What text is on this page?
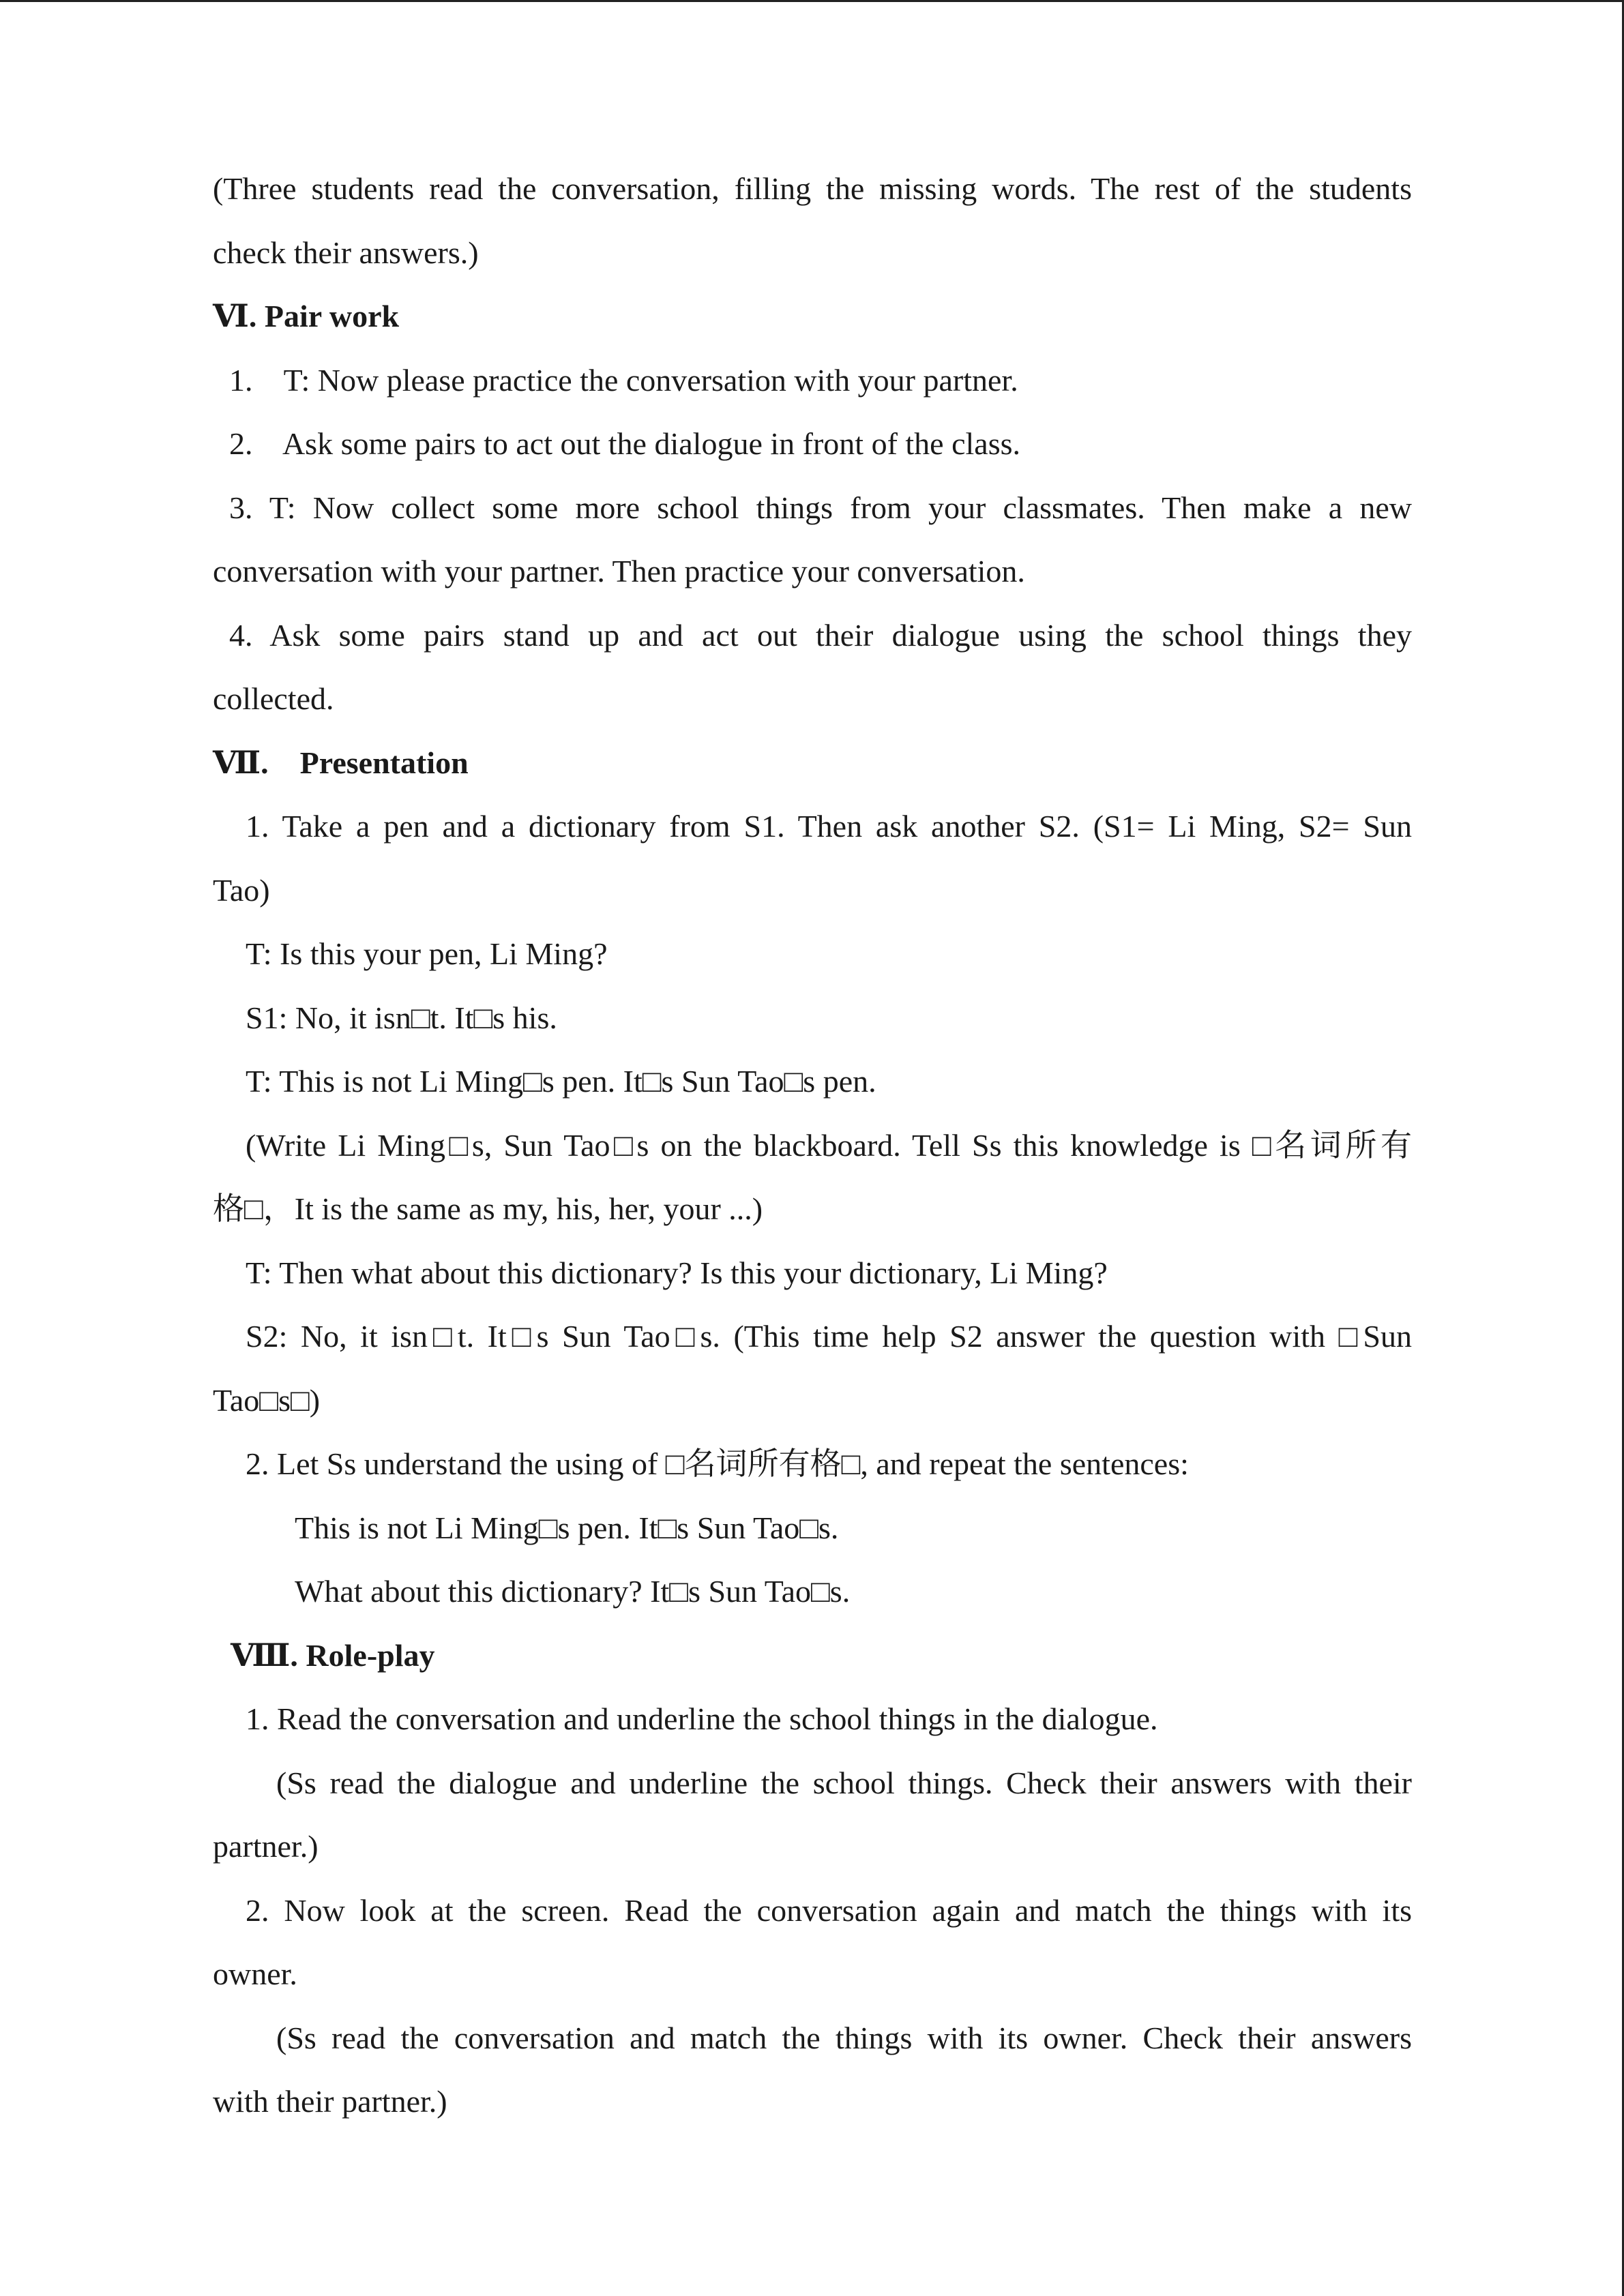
(Three students read the conversation, filling the missing words. The rest of the students
check their answers.)
Ⅵ. Pair work
1.    T: Now please practice the conversation with your partner.
2.    Ask some pairs to act out the dialogue in front of the class.
3. T: Now collect some more school things from your classmates. Then make a new
conversation with your partner. Then practice your conversation.
4. Ask some pairs stand up and act out their dialogue using the school things they
collected.
Ⅶ.    Presentation
1. Take a pen and a dictionary from S1. Then ask another S2. (S1= Li Ming, S2= Sun
Tao)
T: Is this your pen, Li Ming?
S1: No, it isn□t. It□s his.
T: This is not Li Ming□s pen. It□s Sun Tao□s pen.
(Write Li Ming□s, Sun Tao□s on the blackboard. Tell Ss this knowledge is □名词所有
格□，It is the same as my, his, her, your ...)
T: Then what about this dictionary? Is this your dictionary, Li Ming?
S2: No, it isn□t. It□s Sun Tao□s. (This time help S2 answer the question with □Sun
Tao□s□)
2. Let Ss understand the using of □名词所有格□, and repeat the sentences:
This is not Li Ming□s pen. It□s Sun Tao□s.
What about this dictionary? It□s Sun Tao□s.
Ⅷ. Role-play
1. Read the conversation and underline the school things in the dialogue.
(Ss read the dialogue and underline the school things. Check their answers with their
partner.)
2. Now look at the screen. Read the conversation again and match the things with its
owner.
(Ss read the conversation and match the things with its owner. Check their answers
with their partner.)
